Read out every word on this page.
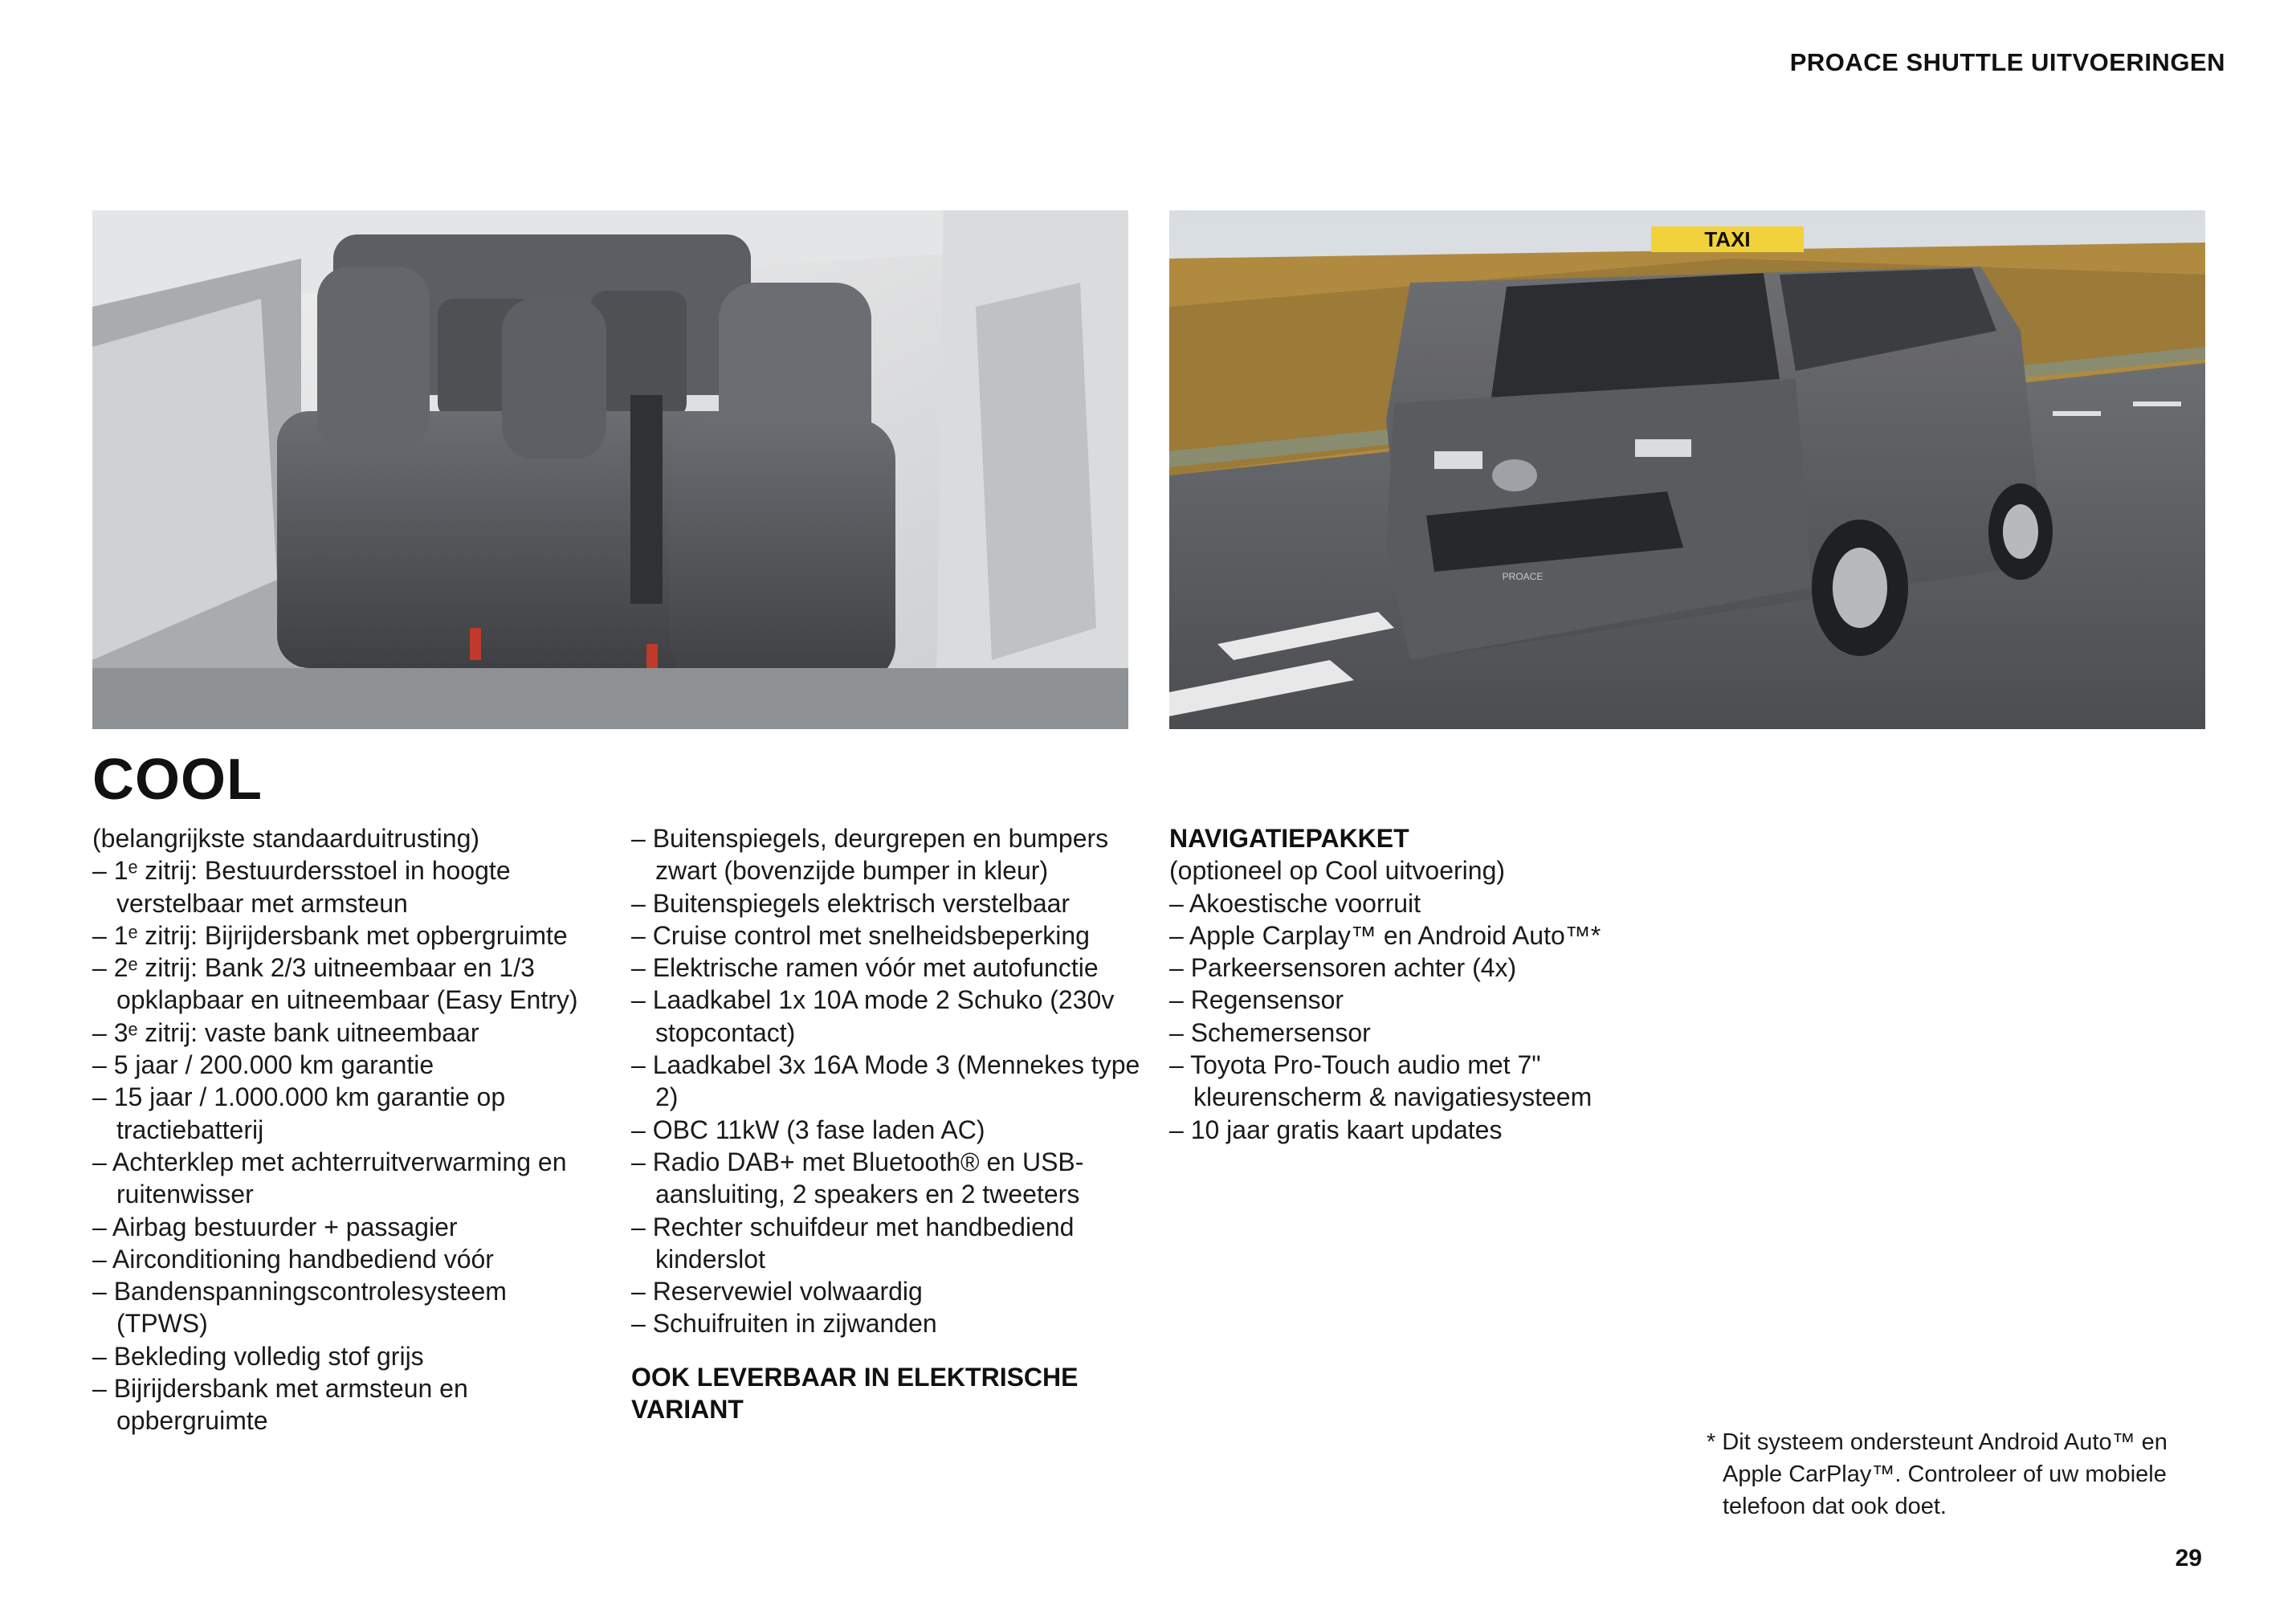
PROACE SHUTTLE UITVOERINGEN
TAXI
PROACE
COOL
(belangrijkste standaarduitrusting)
– 1ᵉ zitrij: Bestuurdersstoel in hoogte verstelbaar met armsteun
– 1ᵉ zitrij: Bijrijdersbank met opbergruimte
– 2ᵉ zitrij: Bank 2/3 uitneembaar en 1/3 opklapbaar en uitneembaar (Easy Entry)
– 3ᵉ zitrij: vaste bank uitneembaar
– 5 jaar / 200.000 km garantie
– 15 jaar / 1.000.000 km garantie op tractiebatterij
– Achterklep met achterruitverwarming en ruitenwisser
– Airbag bestuurder + passagier
– Airconditioning handbediend vóór
– Bandenspanningscontrolesysteem (TPWS)
– Bekleding volledig stof grijs
– Bijrijdersbank met armsteun en opbergruimte
– Buitenspiegels, deurgrepen en bumpers zwart (bovenzijde bumper in kleur)
– Buitenspiegels elektrisch verstelbaar
– Cruise control met snelheidsbeperking
– Elektrische ramen vóór met autofunctie
– Laadkabel 1x 10A mode 2 Schuko (230v stopcontact)
– Laadkabel 3x 16A Mode 3 (Mennekes type 2)
– OBC 11kW (3 fase laden AC)
– Radio DAB+ met Bluetooth® en USB-aansluiting, 2 speakers en 2 tweeters
– Rechter schuifdeur met handbediend kinderslot
– Reservewiel volwaardig
– Schuifruiten in zijwanden
OOK LEVERBAAR IN ELEKTRISCHE VARIANT
NAVIGATIEPAKKET
(optioneel op Cool uitvoering)
– Akoestische voorruit
– Apple Carplay™ en Android Auto™*
– Parkeersensoren achter (4x)
– Regensensor
– Schemersensor
– Toyota Pro-Touch audio met 7" kleurenscherm & navigatiesysteem
– 10 jaar gratis kaart updates
* Dit systeem ondersteunt Android Auto™ en Apple CarPlay™. Controleer of uw mobiele telefoon dat ook doet.
29
